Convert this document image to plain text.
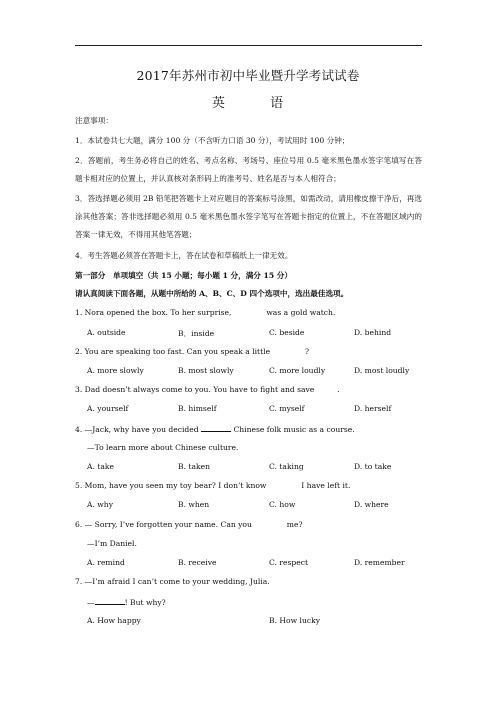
2017年苏州市初中毕业暨升学考试试卷
英	语
注意事项：
1．本试卷共七大题，满分 100 分（不含听力口语 30 分），考试用时 100 分钟；
2．答题前，考生务必将自己的姓名、考点名称、考场号、座位号用 0.5 毫米黑色墨水签字笔填写在答题卡相对应的位置上，并认真核对条形码上的准考号、姓名是否与本人相符合；
3．答选择题必须用 2B 铅笔把答题卡上对应题目的答案标号涂黑，如需改动，请用橡皮擦干净后，再选涂其他答案；答非选择题必须用 0.5 毫米黑色墨水签字笔写在答题卡指定的位置上，不在答题区域内的答案一律无效，不得用其他笔答题；
4．考生答题必须答在答题卡上，答在试卷和草稿纸上一律无效。
第一部分　单项填空（共 15 小题；每小题 1 分，满分 15 分）
请认真阅读下面各题，从题中所给的 A、B、C、D 四个选项中，选出最佳选项。
1. Nora opened the box. To her surprise,	was a gold watch.
A. outside	B．inside	C. beside	D. behind
2. You are speaking too fast. Can you speak a little	?
A. more slowly	B. most slowly	C. more loudly	D. most loudly
3. Dad doesn’t always come to you. You have to fight and save	.
A. yourself	B. himself	C. myself	D. herself
4. —Jack, why have you decided	Chinese folk music as a course.
—To learn more about Chinese culture.
A. take	B. taken	C. taking	D. to take
5. Mom, have you seen my toy bear? I don’t know	I have left it.
A. why	B. when	C. how	D. where
6. — Sorry, I’ve forgotten your name. Can you	me?
—I’m Daniel.
A. remind	B. receive	C. respect	D. remember
7. —I’m afraid I can’t come to your wedding, Julia.
—	! But why?
A. How happy	B. How lucky
